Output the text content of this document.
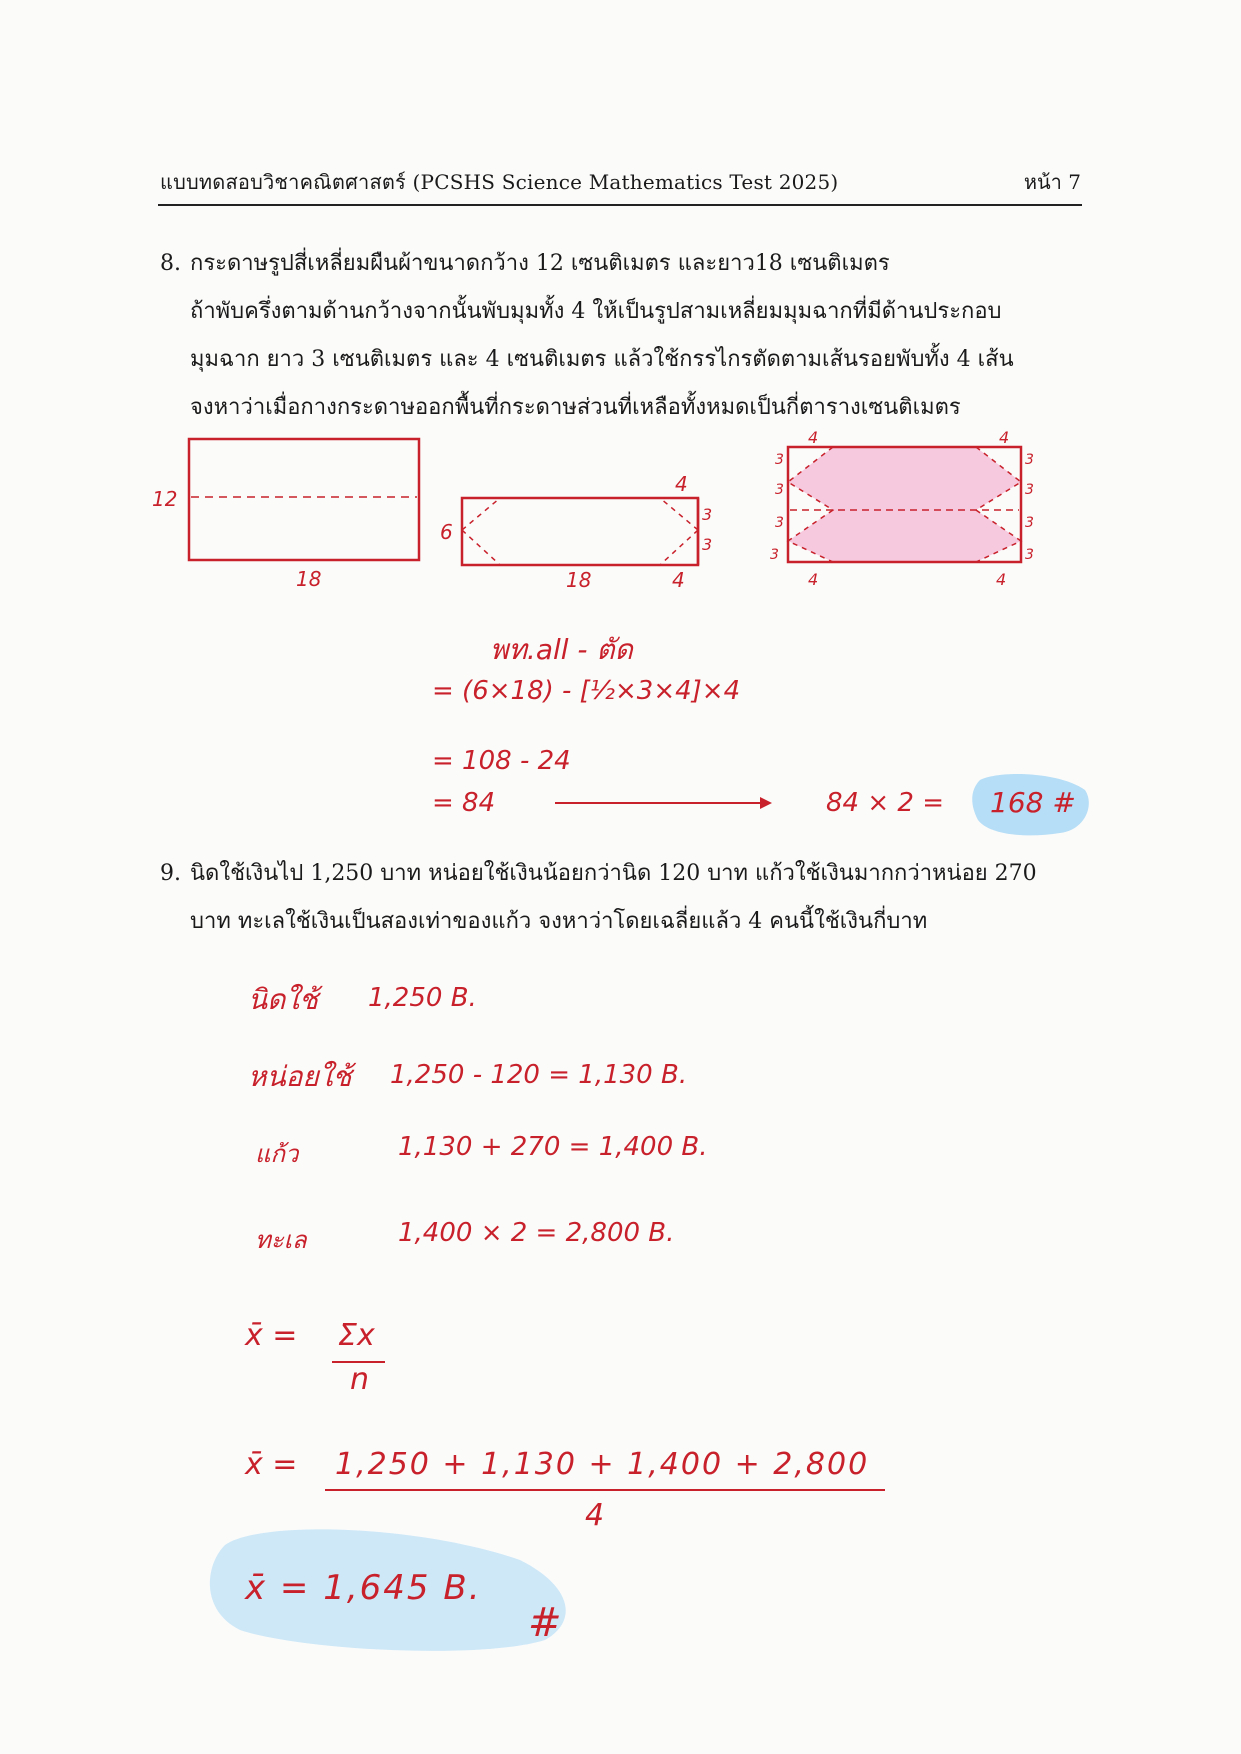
แบบทดสอบวิชาคณิตศาสตร์ (PCSHS Science Mathematics Test 2025)	หน้า 7
8. กระดาษรูปสี่เหลี่ยมผืนผ้าขนาดกว้าง 12 เซนติเมตร และยาว18 เซนติเมตร
ถ้าพับครึ่งตามด้านกว้างจากนั้นพับมุมทั้ง 4 ให้เป็นรูปสามเหลี่ยมมุมฉากที่มีด้านประกอบ
มุมฉาก ยาว 3 เซนติเมตร และ 4 เซนติเมตร แล้วใช้กรรไกรตัดตามเส้นรอยพับทั้ง 4 เส้น
จงหาว่าเมื่อกางกระดาษออกพื้นที่กระดาษส่วนที่เหลือทั้งหมดเป็นกี่ตารางเซนติเมตร
12
18
6
18
4
4
3
3
4	4
4	4
3
3
3
3
3
3
3
3
พท.all - ตัด
= (6×18) - [½×3×4]×4
= 108 - 24
= 84	84 × 2 = 168 #
9. นิดใช้เงินไป 1,250 บาท หน่อยใช้เงินน้อยกว่านิด 120 บาท แก้วใช้เงินมากกว่าหน่อย 270
บาท ทะเลใช้เงินเป็นสองเท่าของแก้ว จงหาว่าโดยเฉลี่ยแล้ว 4 คนนี้ใช้เงินกี่บาท
นิดใช้ 1,250 B.
หน่อยใช้ 1,250 - 120 = 1,130 B.
แก้ว	1,130 + 270 = 1,400 B.
ทะเล	1,400 × 2 = 2,800 B.
x̄ = Σx
n
x̄ = 1,250 + 1,130 + 1,400 + 2,800
4
x̄ = 1,645 B.
#
